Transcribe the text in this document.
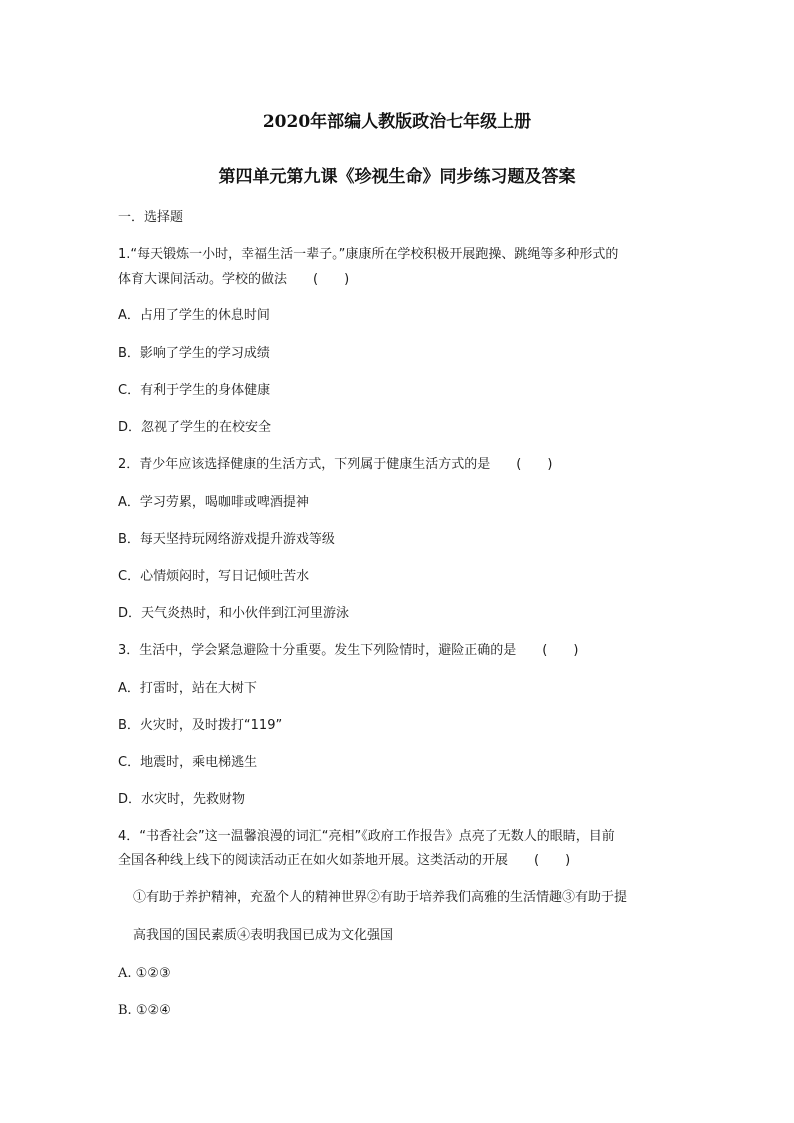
2020年部编人教版政治七年级上册
第四单元第九课《珍视生命》同步练习题及答案
一．选择题
1.“每天锻炼一小时，幸福生活一辈子。”康康所在学校积极开展跑操、跳绳等多种形式的
体育大课间活动。学校的做法　　(　　)
A．占用了学生的休息时间
B．影响了学生的学习成绩
C．有利于学生的身体健康
D．忽视了学生的在校安全
2．青少年应该选择健康的生活方式，下列属于健康生活方式的是　　(　　)
A．学习劳累，喝咖啡或啤酒提神
B．每天坚持玩网络游戏提升游戏等级
C．心情烦闷时，写日记倾吐苦水
D．天气炎热时，和小伙伴到江河里游泳
3．生活中，学会紧急避险十分重要。发生下列险情时，避险正确的是　　(　　)
A．打雷时，站在大树下
B．火灾时，及时拨打“119”
C．地震时，乘电梯逃生
D．水灾时，先救财物
4．“书香社会”这一温馨浪漫的词汇“亮相”《政府工作报告》点亮了无数人的眼睛，目前
全国各种线上线下的阅读活动正在如火如荼地开展。这类活动的开展　　(　　)
①有助于养护精神，充盈个人的精神世界②有助于培养我们高雅的生活情趣③有助于提
高我国的国民素质④表明我国已成为文化强国
A. ①②③
B. ①②④
